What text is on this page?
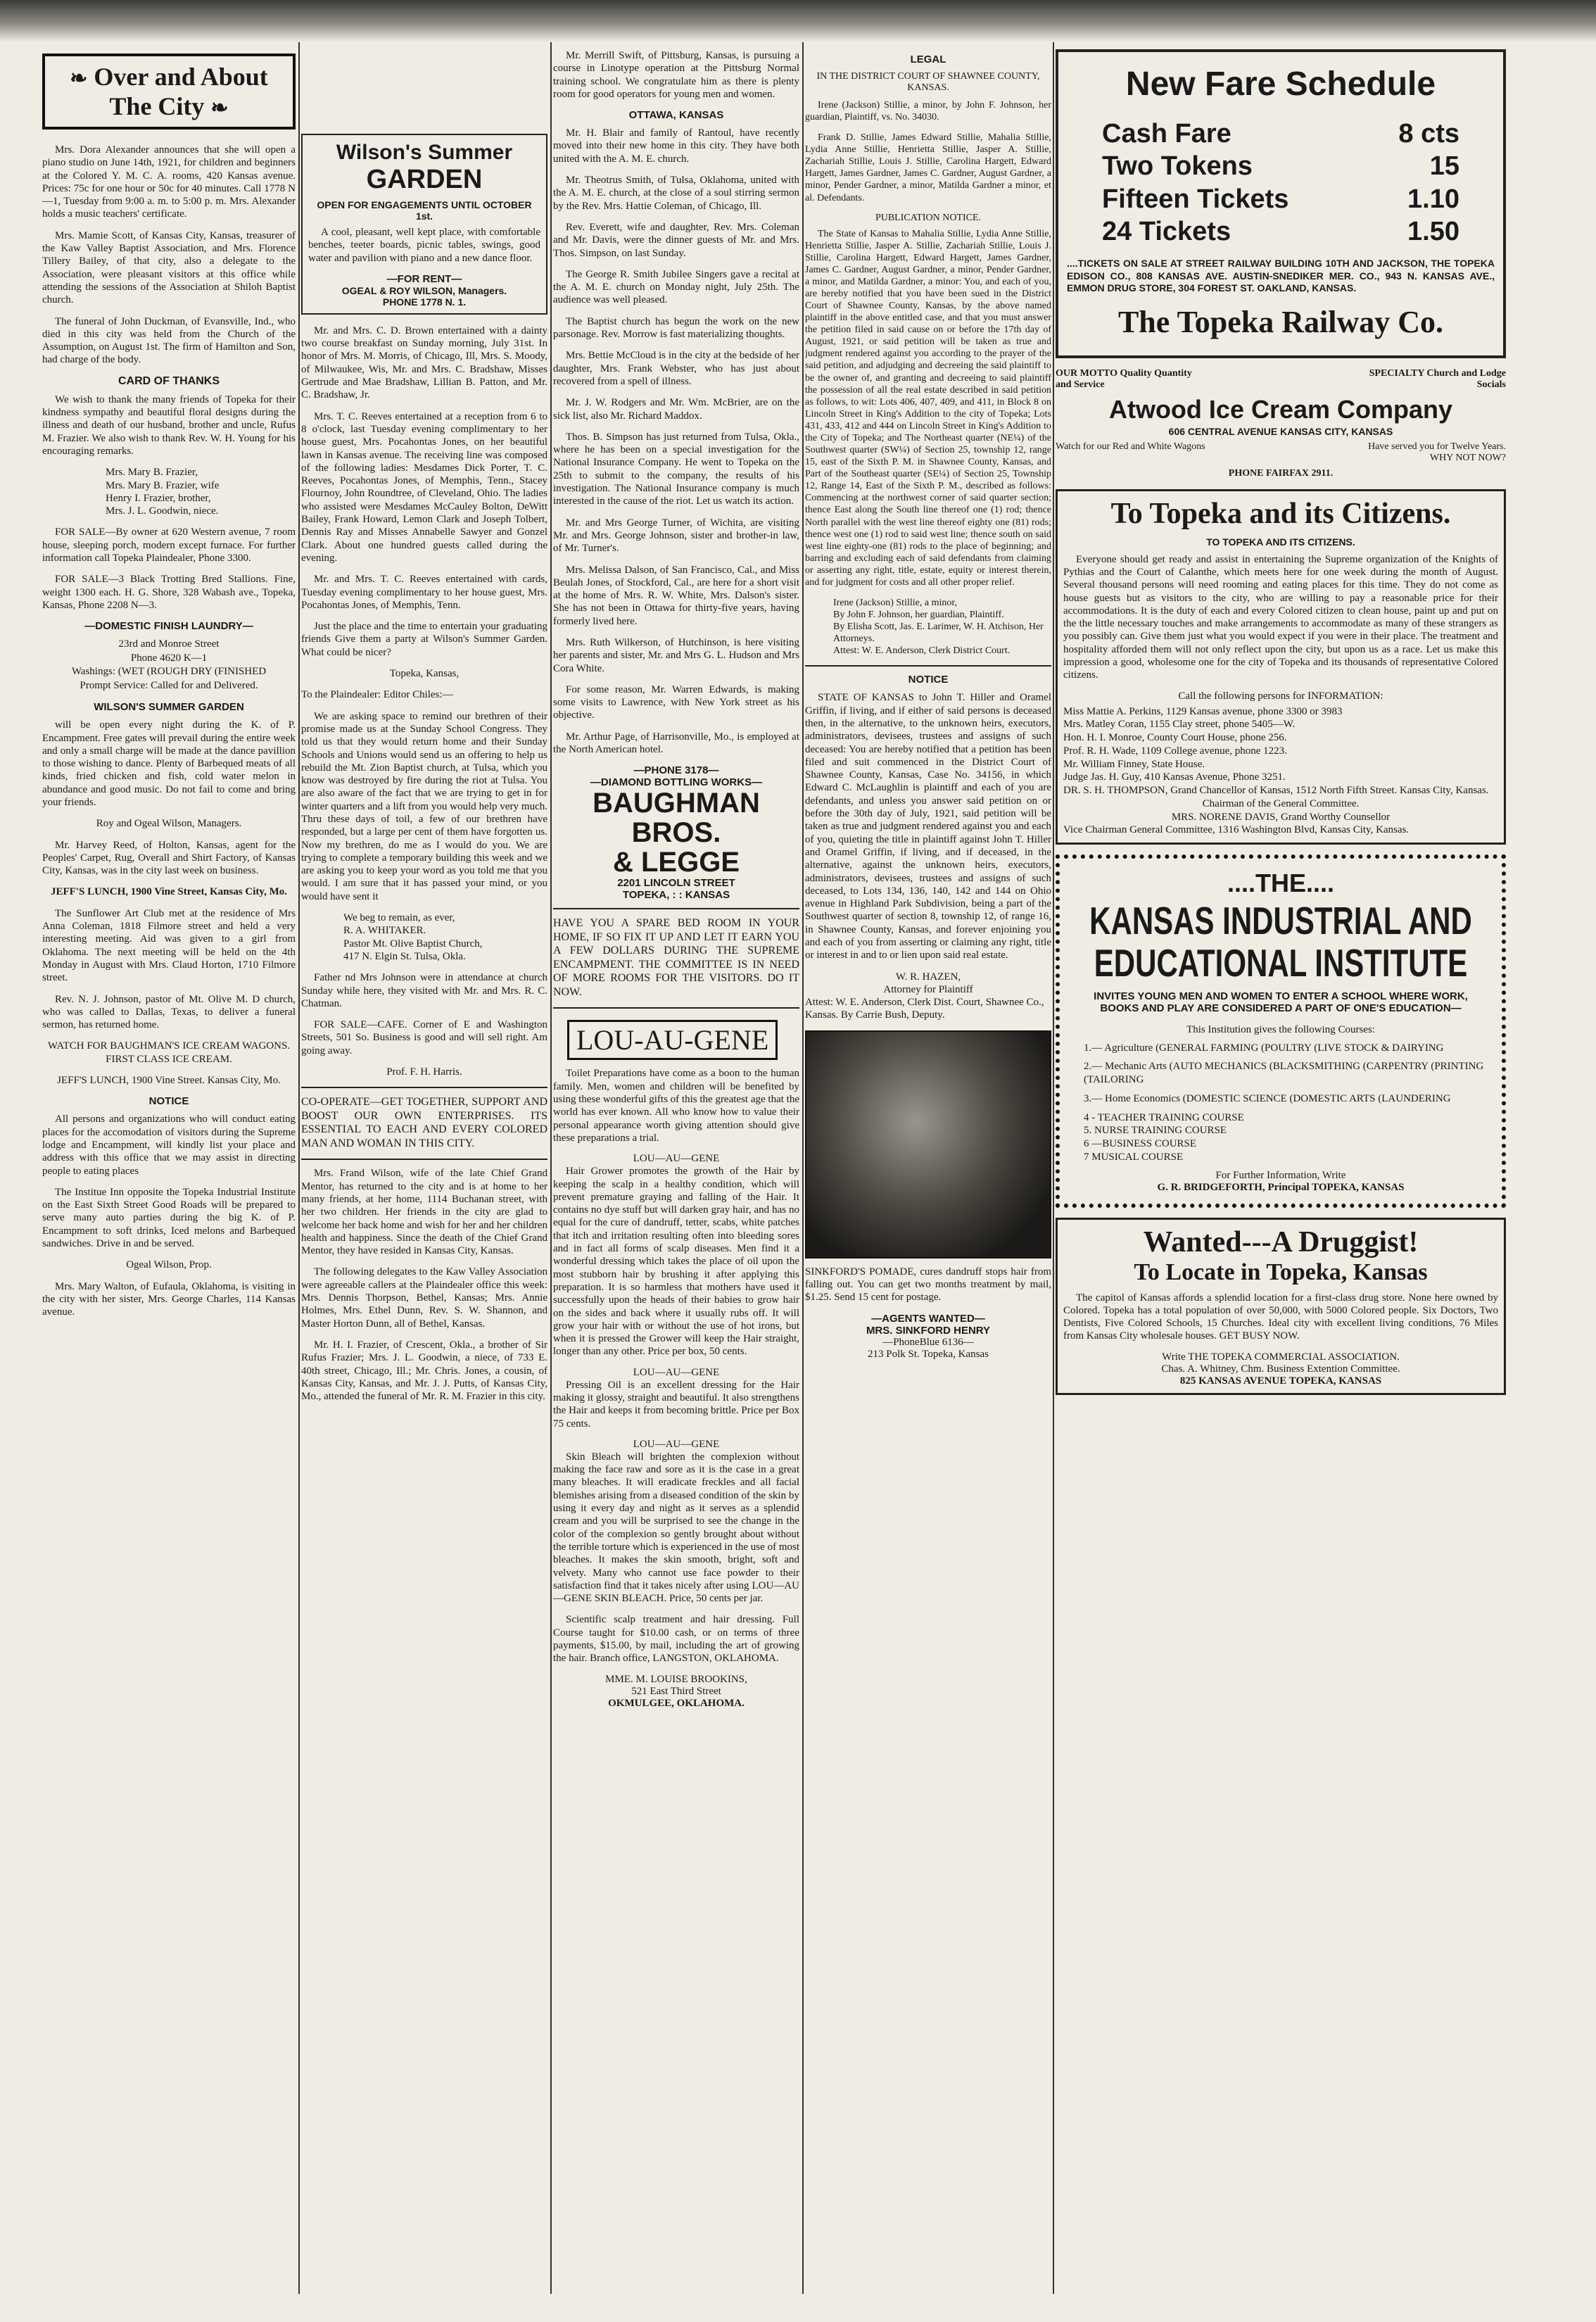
❧ Over and About The City ❧

Mrs. Dora Alexander announces that she will open a piano studio on June 14th, 1921, for children and beginners at the Colored Y. M. C. A. rooms, 420 Kansas avenue. Prices: 75c for one hour or 50c for 40 minutes. Call 1778 N—1, Tuesday from 9:00 a. m. to 5:00 p. m. Mrs. Alexander holds a music teachers' certificate.

Mrs. Mamie Scott, of Kansas City, Kansas, treasurer of the Kaw Valley Baptist Association, and Mrs. Florence Tillery Bailey, of that city, also a delegate to the Association, were pleasant visitors at this office while attending the sessions of the Association at Shiloh Baptist church.

The funeral of John Duckman, of Evansville, Ind., who died in this city was held from the Church of the Assumption, on August 1st. The firm of Hamilton and Son, had charge of the body.

CARD OF THANKS

We wish to thank the many friends of Topeka for their kindness sympathy and beautiful floral designs during the illness and death of our husband, brother and uncle, Rufus M. Frazier. We also wish to thank Rev. W. H. Young for his encouraging remarks.

Mrs. Mary B. Frazier,
Mrs. Mary B. Frazier, wife
Henry I. Frazier, brother,
Mrs. J. L. Goodwin, niece.

FOR SALE—By owner at 620 Western avenue, 7 room house, sleeping porch, modern except furnace. For further information call Topeka Plaindealer, Phone 3300.

FOR SALE—3 Black Trotting Bred Stallions. Fine, weight 1300 each. H. G. Shore, 328 Wabash ave., Topeka, Kansas, Phone 2208 N—3.

—DOMESTIC FINISH LAUNDRY—
23rd and Monroe Street
Phone 4620 K—1
Washings: (WET (ROUGH DRY (FINISHED
Prompt Service: Called for and Delivered.
WILSON'S SUMMER GARDEN

will be open every night during the K. of P. Encampment. Free gates will prevail during the entire week and only a small charge will be made at the dance pavillion to those wishing to dance. Plenty of Barbequed meats of all kinds, fried chicken and fish, cold water melon in abundance and good music. Do not fail to come and bring your friends.

Roy and Ogeal Wilson, Managers.

Mr. Harvey Reed, of Holton, Kansas, agent for the Peoples' Carpet, Rug, Overall and Shirt Factory, of Kansas City, Kansas, was in the city last week on business.

JEFF'S LUNCH, 1900 Vine Street, Kansas City, Mo.

The Sunflower Art Club met at the residence of Mrs Anna Coleman, 1818 Filmore street and held a very interesting meeting. Aid was given to a girl from Oklahoma. The next meeting will be held on the 4th Monday in August with Mrs. Claud Horton, 1710 Filmore street.

Rev. N. J. Johnson, pastor of Mt. Olive M. D church, who was called to Dallas, Texas, to deliver a funeral sermon, has returned home.

WATCH FOR BAUGHMAN'S ICE CREAM WAGONS. FIRST CLASS ICE CREAM.

JEFF'S LUNCH, 1900 Vine Street. Kansas City, Mo.

NOTICE

All persons and organizations who will conduct eating places for the accomodation of visitors during the Supreme lodge and Encampment, will kindly list your place and address with this office that we may assist in directing people to eating places

The Institue Inn opposite the Topeka Industrial Institute on the East Sixth Street Good Roads will be prepared to serve many auto parties during the big K. of P. Encampment to soft drinks, Iced melons and Barbequed sandwiches. Drive in and be served.

Ogeal Wilson, Prop.

Mrs. Mary Walton, of Eufaula, Oklahoma, is visiting in the city with her sister, Mrs. George Charles, 114 Kansas avenue.

Wilson's Summer
GARDEN
OPEN FOR ENGAGEMENTS UNTIL OCTOBER 1st.

A cool, pleasant, well kept place, with comfortable benches, teeter boards, picnic tables, swings, good water and pavilion with piano and a new dance floor.

—FOR RENT—
OGEAL & ROY WILSON, Managers.
PHONE 1778 N. 1.

Mr. and Mrs. C. D. Brown entertained with a dainty two course breakfast on Sunday morning, July 31st. In honor of Mrs. M. Morris, of Chicago, Ill, Mrs. S. Moody, of Milwaukee, Wis, Mr. and Mrs. C. Bradshaw, Misses Gertrude and Mae Bradshaw, Lillian B. Patton, and Mr. C. Bradshaw, Jr.

Mrs. T. C. Reeves entertained at a reception from 6 to 8 o'clock, last Tuesday evening complimentary to her house guest, Mrs. Pocahontas Jones, on her beautiful lawn in Kansas avenue. The receiving line was composed of the following ladies: Mesdames Dick Porter, T. C. Reeves, Pocahontas Jones, of Memphis, Tenn., Stacey Flournoy, John Roundtree, of Cleveland, Ohio. The ladies who assisted were Mesdames McCauley Bolton, DeWitt Bailey, Frank Howard, Lemon Clark and Joseph Tolbert, Dennis Ray and Misses Annabelle Sawyer and Gonzel Clark. About one hundred guests called during the evening.

Mr. and Mrs. T. C. Reeves entertained with cards, Tuesday evening complimentary to her house guest, Mrs. Pocahontas Jones, of Memphis, Tenn.

Just the place and the time to entertain your graduating friends Give them a party at Wilson's Summer Garden. What could be nicer?

Topeka, Kansas,

To the Plaindealer: Editor Chiles:—

We are asking space to remind our brethren of their promise made us at the Sunday School Congress. They told us that they would return home and their Sunday Schools and Unions would send us an offering to help us rebuild the Mt. Zion Baptist church, at Tulsa, which you know was destroyed by fire during the riot at Tulsa. You are also aware of the fact that we are trying to get in for winter quarters and a lift from you would help very much. Thru these days of toil, a few of our brethren have responded, but a large per cent of them have forgotten us. Now my brethren, do me as I would do you. We are trying to complete a temporary building this week and we are asking you to keep your word as you told me that you would. I am sure that it has passed your mind, or you would have sent it

We beg to remain, as ever,
R. A. WHITAKER.
Pastor Mt. Olive Baptist Church,
417 N. Elgin St. Tulsa, Okla.

Father nd Mrs Johnson were in attendance at church Sunday while here, they visited with Mr. and Mrs. R. C. Chatman.

FOR SALE—CAFE. Corner of E and Washington Streets, 501 So. Business is good and will sell right. Am going away.

Prof. F. H. Harris.

CO-OPERATE—GET TOGETHER, SUPPORT AND BOOST OUR OWN ENTERPRISES. ITS ESSENTIAL TO EACH AND EVERY COLORED MAN AND WOMAN IN THIS CITY.

Mrs. Frand Wilson, wife of the late Chief Grand Mentor, has returned to the city and is at home to her many friends, at her home, 1114 Buchanan street, with her two children. Her friends in the city are glad to welcome her back home and wish for her and her children health and happiness. Since the death of the Chief Grand Mentor, they have resided in Kansas City, Kansas.

The following delegates to the Kaw Valley Association were agreeable callers at the Plaindealer office this week: Mrs. Dennis Thorpson, Bethel, Kansas; Mrs. Annie Holmes, Mrs. Ethel Dunn, Rev. S. W. Shannon, and Master Horton Dunn, all of Bethel, Kansas.

Mr. H. I. Frazier, of Crescent, Okla., a brother of Sir Rufus Frazier; Mrs. J. L. Goodwin, a niece, of 733 E. 40th street, Chicago, Ill.; Mr. Chris. Jones, a cousin, of Kansas City, Kansas, and Mr. J. J. Putts, of Kansas City, Mo., attended the funeral of Mr. R. M. Frazier in this city.

Mr. Merrill Swift, of Pittsburg, Kansas, is pursuing a course in Linotype operation at the Pittsburg Normal training school. We congratulate him as there is plenty room for good operators for young men and women.

OTTAWA, KANSAS

Mr. H. Blair and family of Rantoul, have recently moved into their new home in this city. They have both united with the A. M. E. church.

Mr. Theotrus Smith, of Tulsa, Oklahoma, united with the A. M. E. church, at the close of a soul stirring sermon by the Rev. Mrs. Hattie Coleman, of Chicago, Ill.

Rev. Everett, wife and daughter, Rev. Mrs. Coleman and Mr. Davis, were the dinner guests of Mr. and Mrs. Thos. Simpson, on last Sunday.

The George R. Smith Jubilee Singers gave a recital at the A. M. E. church on Monday night, July 25th. The audience was well pleased.

The Baptist church has begun the work on the new parsonage. Rev. Morrow is fast materializing thoughts.

Mrs. Bettie McCloud is in the city at the bedside of her daughter, Mrs. Frank Webster, who has just about recovered from a spell of illness.

Mr. J. W. Rodgers and Mr. Wm. McBrier, are on the sick list, also Mr. Richard Maddox.

Thos. B. Simpson has just returned from Tulsa, Okla., where he has been on a special investigation for the National Insurance Company. He went to Topeka on the 25th to submit to the company, the results of his investigation. The National Insurance company is much interested in the cause of the riot. Let us watch its action.

Mr. and Mrs George Turner, of Wichita, are visiting Mr. and Mrs. George Johnson, sister and brother-in law, of Mr. Turner's.

Mrs. Melissa Dalson, of San Francisco, Cal., and Miss Beulah Jones, of Stockford, Cal., are here for a short visit at the home of Mrs. R. W. White, Mrs. Dalson's sister. She has not been in Ottawa for thirty-five years, having formerly lived here.

Mrs. Ruth Wilkerson, of Hutchinson, is here visiting her parents and sister, Mr. and Mrs G. L. Hudson and Mrs Cora White.

For some reason, Mr. Warren Edwards, is making some visits to Lawrence, with New York street as his objective.

Mr. Arthur Page, of Harrisonville, Mo., is employed at the North American hotel.

—PHONE 3178—
—DIAMOND BOTTLING WORKS—
BAUGHMAN BROS.
& LEGGE
2201 LINCOLN STREET
TOPEKA, : : KANSAS

HAVE YOU A SPARE BED ROOM IN YOUR HOME, IF SO FIX IT UP AND LET IT EARN YOU A FEW DOLLARS DURING THE SUPREME ENCAMPMENT. THE COMMITTEE IS IN NEED OF MORE ROOMS FOR THE VISITORS. DO IT NOW.

LOU-AU-GENE

Toilet Preparations have come as a boon to the human family. Men, women and children will be benefited by using these wonderful gifts of this the greatest age that the world has ever known. All who know how to value their personal appearance worth giving attention should give these preparations a trial.

LOU—AU—GENE

Hair Grower promotes the growth of the Hair by keeping the scalp in a healthy condition, which will prevent premature graying and falling of the Hair. It contains no dye stuff but will darken gray hair, and has no equal for the cure of dandruff, tetter, scabs, white patches that itch and irritation resulting often into bleeding sores and in fact all forms of scalp diseases. Men find it a wonderful dressing which takes the place of oil upon the most stubborn hair by brushing it after applying this preparation. It is so harmless that mothers have used it successfully upon the heads of their babies to grow hair on the sides and back where it usually rubs off. It will grow your hair with or without the use of hot irons, but when it is pressed the Grower will keep the Hair straight, longer than any other. Price per box, 50 cents.

LOU—AU—GENE

Pressing Oil is an excellent dressing for the Hair making it glossy, straight and beautiful. It also strengthens the Hair and keeps it from becoming brittle. Price per Box 75 cents.

LOU—AU—GENE

Skin Bleach will brighten the complexion without making the face raw and sore as it is the case in a great many bleaches. It will eradicate freckles and all facial blemishes arising from a diseased condition of the skin by using it every day and night as it serves as a splendid cream and you will be surprised to see the change in the color of the complexion so gently brought about without the terrible torture which is experienced in the use of most bleaches. It makes the skin smooth, bright, soft and velvety. Many who cannot use face powder to their satisfaction find that it takes nicely after using LOU—AU—GENE SKIN BLEACH. Price, 50 cents per jar.

Scientific scalp treatment and hair dressing. Full Course taught for $10.00 cash, or on terms of three payments, $15.00, by mail, including the art of growing the hair. Branch office, LANGSTON, OKLAHOMA.

MME. M. LOUISE BROOKINS,
521 East Third Street
OKMULGEE, OKLAHOMA.
LEGAL
IN THE DISTRICT COURT OF SHAWNEE COUNTY, KANSAS.

Irene (Jackson) Stillie, a minor, by John F. Johnson, her guardian, Plaintiff, vs. No. 34030.

Frank D. Stillie, James Edward Stillie, Mahalia Stillie, Lydia Anne Stillie, Henrietta Stillie, Jasper A. Stillie, Zachariah Stillie, Louis J. Stillie, Carolina Hargett, Edward Hargett, James Gardner, James C. Gardner, August Gardner, a minor, Pender Gardner, a minor, Matilda Gardner a minor, et al. Defendants.

PUBLICATION NOTICE.

The State of Kansas to Mahalia Stillie, Lydia Anne Stillie, Henrietta Stillie, Jasper A. Stillie, Zachariah Stillie, Louis J. Stillie, Carolina Hargett, Edward Hargett, James Gardner, James C. Gardner, August Gardner, a minor, Pender Gardner, a minor, and Matilda Gardner, a minor: You, and each of you, are hereby notified that you have been sued in the District Court of Shawnee County, Kansas, by the above named plaintiff in the above entitled case, and that you must answer the petition filed in said cause on or before the 17th day of August, 1921, or said petition will be taken as true and judgment rendered against you according to the prayer of the said petition, and adjudging and decreeing the said plaintiff to be the owner of, and granting and decreeing to said plaintiff the possession of all the real estate described in said petition as follows, to wit: Lots 406, 407, 409, and 411, in Block 8 on Lincoln Street in King's Addition to the city of Topeka; Lots 431, 433, 412 and 444 on Lincoln Street in King's Addition to the City of Topeka; and The Northeast quarter (NE¼) of the Southwest quarter (SW¼) of Section 25, township 12, range 15, east of the Sixth P. M. in Shawnee County, Kansas, and Part of the Southeast quarter (SE¼) of Section 25, Township 12, Range 14, East of the Sixth P. M., described as follows: Commencing at the northwest corner of said quarter section; thence East along the South line thereof one (1) rod; thence North parallel with the west line thereof eighty one (81) rods; thence west one (1) rod to said west line; thence south on said west line eighty-one (81) rods to the place of beginning; and barring and excluding each of said defendants from claiming or asserting any right, title, estate, equity or interest therein, and for judgment for costs and all other proper relief.

Irene (Jackson) Stillie, a minor,
By John F. Johnson, her guardian, Plaintiff.
By Elisha Scott, Jas. E. Larimer, W. H. Atchison, Her Attorneys.
Attest: W. E. Anderson, Clerk District Court.
NOTICE

STATE OF KANSAS to John T. Hiller and Oramel Griffin, if living, and if either of said persons is deceased then, in the alternative, to the unknown heirs, executors, administrators, devisees, trustees and assigns of such deceased: You are hereby notified that a petition has been filed and suit commenced in the District Court of Shawnee County, Kansas, Case No. 34156, in which Edward C. McLaughlin is plaintiff and each of you are defendants, and unless you answer said petition on or before the 30th day of July, 1921, said petition will be taken as true and judgment rendered against you and each of you, quieting the title in plaintiff against John T. Hiller and Oramel Griffin, if living, and if deceased, in the alternative, against the unknown heirs, executors, administrators, devisees, trustees and assigns of such deceased, to Lots 134, 136, 140, 142 and 144 on Ohio avenue in Highland Park Subdivision, being a part of the Southwest quarter of section 8, township 12, of range 16, in Shawnee County, Kansas, and forever enjoining you and each of you from asserting or claiming any right, title or interest in and to or lien upon said real estate.

W. R. HAZEN,
Attorney for Plaintiff
Attest: W. E. Anderson, Clerk Dist. Court, Shawnee Co., Kansas. By Carrie Bush, Deputy.

SINKFORD'S POMADE, cures dandruff stops hair from falling out. You can get two months treatment by mail, $1.25. Send 15 cent for postage.

—AGENTS WANTED—
MRS. SINKFORD HENRY
—PhoneBlue 6136—
213 Polk St. Topeka, Kansas
New Fare Schedule
Cash Fare	8 cts
Two Tokens	15
Fifteen Tickets	1.10
24 Tickets	1.50

....TICKETS ON SALE AT STREET RAILWAY BUILDING 10TH AND JACKSON, THE TOPEKA EDISON CO., 808 KANSAS AVE. AUSTIN-SNEDIKER MER. CO., 943 N. KANSAS AVE., EMMON DRUG STORE, 304 FOREST ST. OAKLAND, KANSAS.

The Topeka Railway Co.
OUR MOTTO Quality Quantity and Service
SPECIALTY Church and Lodge Socials
Atwood Ice Cream Company
606 CENTRAL AVENUE KANSAS CITY, KANSAS
Watch for our Red and White Wagons	Have served you for Twelve Years. WHY NOT NOW?
PHONE FAIRFAX 2911.
To Topeka and its Citizens.
TO TOPEKA AND ITS CITIZENS.

Everyone should get ready and assist in entertaining the Supreme organization of the Knights of Pythias and the Court of Calanthe, which meets here for one week during the month of August. Several thousand persons will need rooming and eating places for this time. They do not come as house guests but as visitors to the city, who are willing to pay a reasonable price for their accommodations. It is the duty of each and every Colored citizen to clean house, paint up and put on the the little necessary touches and make arrangements to accommodate as many of these strangers as you possibly can. Give them just what you would expect if you were in their place. The treatment and hospitality afforded them will not only reflect upon the city, but upon us as a race. Let us make this impression a good, wholesome one for the city of Topeka and its thousands of representative Colored citizens.

Call the following persons for INFORMATION:
Miss Mattie A. Perkins, 1129 Kansas avenue, phone 3300 or 3983
Mrs. Matley Coran, 1155 Clay street, phone 5405—W.
Hon. H. I. Monroe, County Court House, phone 256.
Prof. R. H. Wade, 1109 College avenue, phone 1223.
Mr. William Finney, State House.
Judge Jas. H. Guy, 410 Kansas Avenue, Phone 3251.
DR. S. H. THOMPSON, Grand Chancellor of Kansas, 1512 North Fifth Street. Kansas City, Kansas.
Chairman of the General Committee.
MRS. NORENE DAVIS, Grand Worthy Counsellor
Vice Chairman General Committee, 1316 Washington Blvd, Kansas City, Kansas.
....THE....
KANSAS INDUSTRIAL AND
EDUCATIONAL INSTITUTE
INVITES YOUNG MEN AND WOMEN TO ENTER A SCHOOL WHERE WORK, BOOKS AND PLAY ARE CONSIDERED A PART OF ONE'S EDUCATION—
This Institution gives the following Courses:
1.— Agriculture (GENERAL FARMING (POULTRY (LIVE STOCK & DAIRYING
2.— Mechanic Arts (AUTO MECHANICS (BLACKSMITHING (CARPENTRY (PRINTING (TAILORING
3.— Home Economics (DOMESTIC SCIENCE (DOMESTIC ARTS (LAUNDERING
4 - TEACHER TRAINING COURSE
5. NURSE TRAINING COURSE
6 —BUSINESS COURSE
7 MUSICAL COURSE
For Further Information, Write
G. R. BRIDGEFORTH, Principal TOPEKA, KANSAS
Wanted---A Druggist!
To Locate in Topeka, Kansas

The capitol of Kansas affords a splendid location for a first-class drug store. None here owned by Colored. Topeka has a total population of over 50,000, with 5000 Colored people. Six Doctors, Two Dentists, Five Colored Schools, 15 Churches. Ideal city with excellent living conditions, 76 Miles from Kansas City wholesale houses. GET BUSY NOW.

Write THE TOPEKA COMMERCIAL ASSOCIATION.
Chas. A. Whitney, Chm. Business Extention Committee.
825 KANSAS AVENUE TOPEKA, KANSAS
